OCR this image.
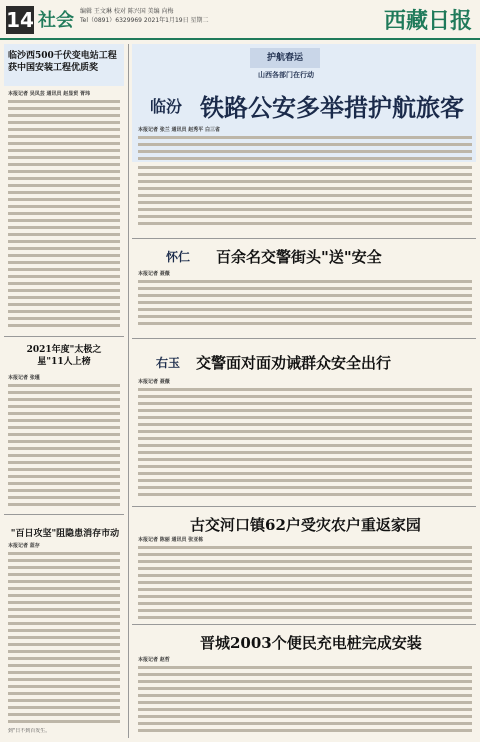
14 社会 编辑 王文琳 校对 陈兴国 美编 向梅
Tel（0891）6329969 2021年1月19日 星期二	西藏日报
临沙西500千伏变电站工程获中国安装工程优质奖
本报记者 吴凤芸 通讯员 赵显贸 胥玮
2021年度"太极之星"11人上榜
本报记者 张瑾
"百日攻坚"阻隐患消存市动
本报记者 蓝存
到"日不到百发生。
护航春运
山西各部门在行动
临汾 铁路公安多举措护航旅客
本报记者 张兰 通讯员 赵秀平 白三省
怀仁 百余名交警街头"送"安全
本报记者 聂薇
右玉 交警面对面劝诫群众安全出行
本报记者 聂薇
古交河口镇62户受灾农户重返家园
本报记者 陈丽 通讯员 张亚栋
晋城2003个便民充电桩完成安装
本报记者 赵哲
